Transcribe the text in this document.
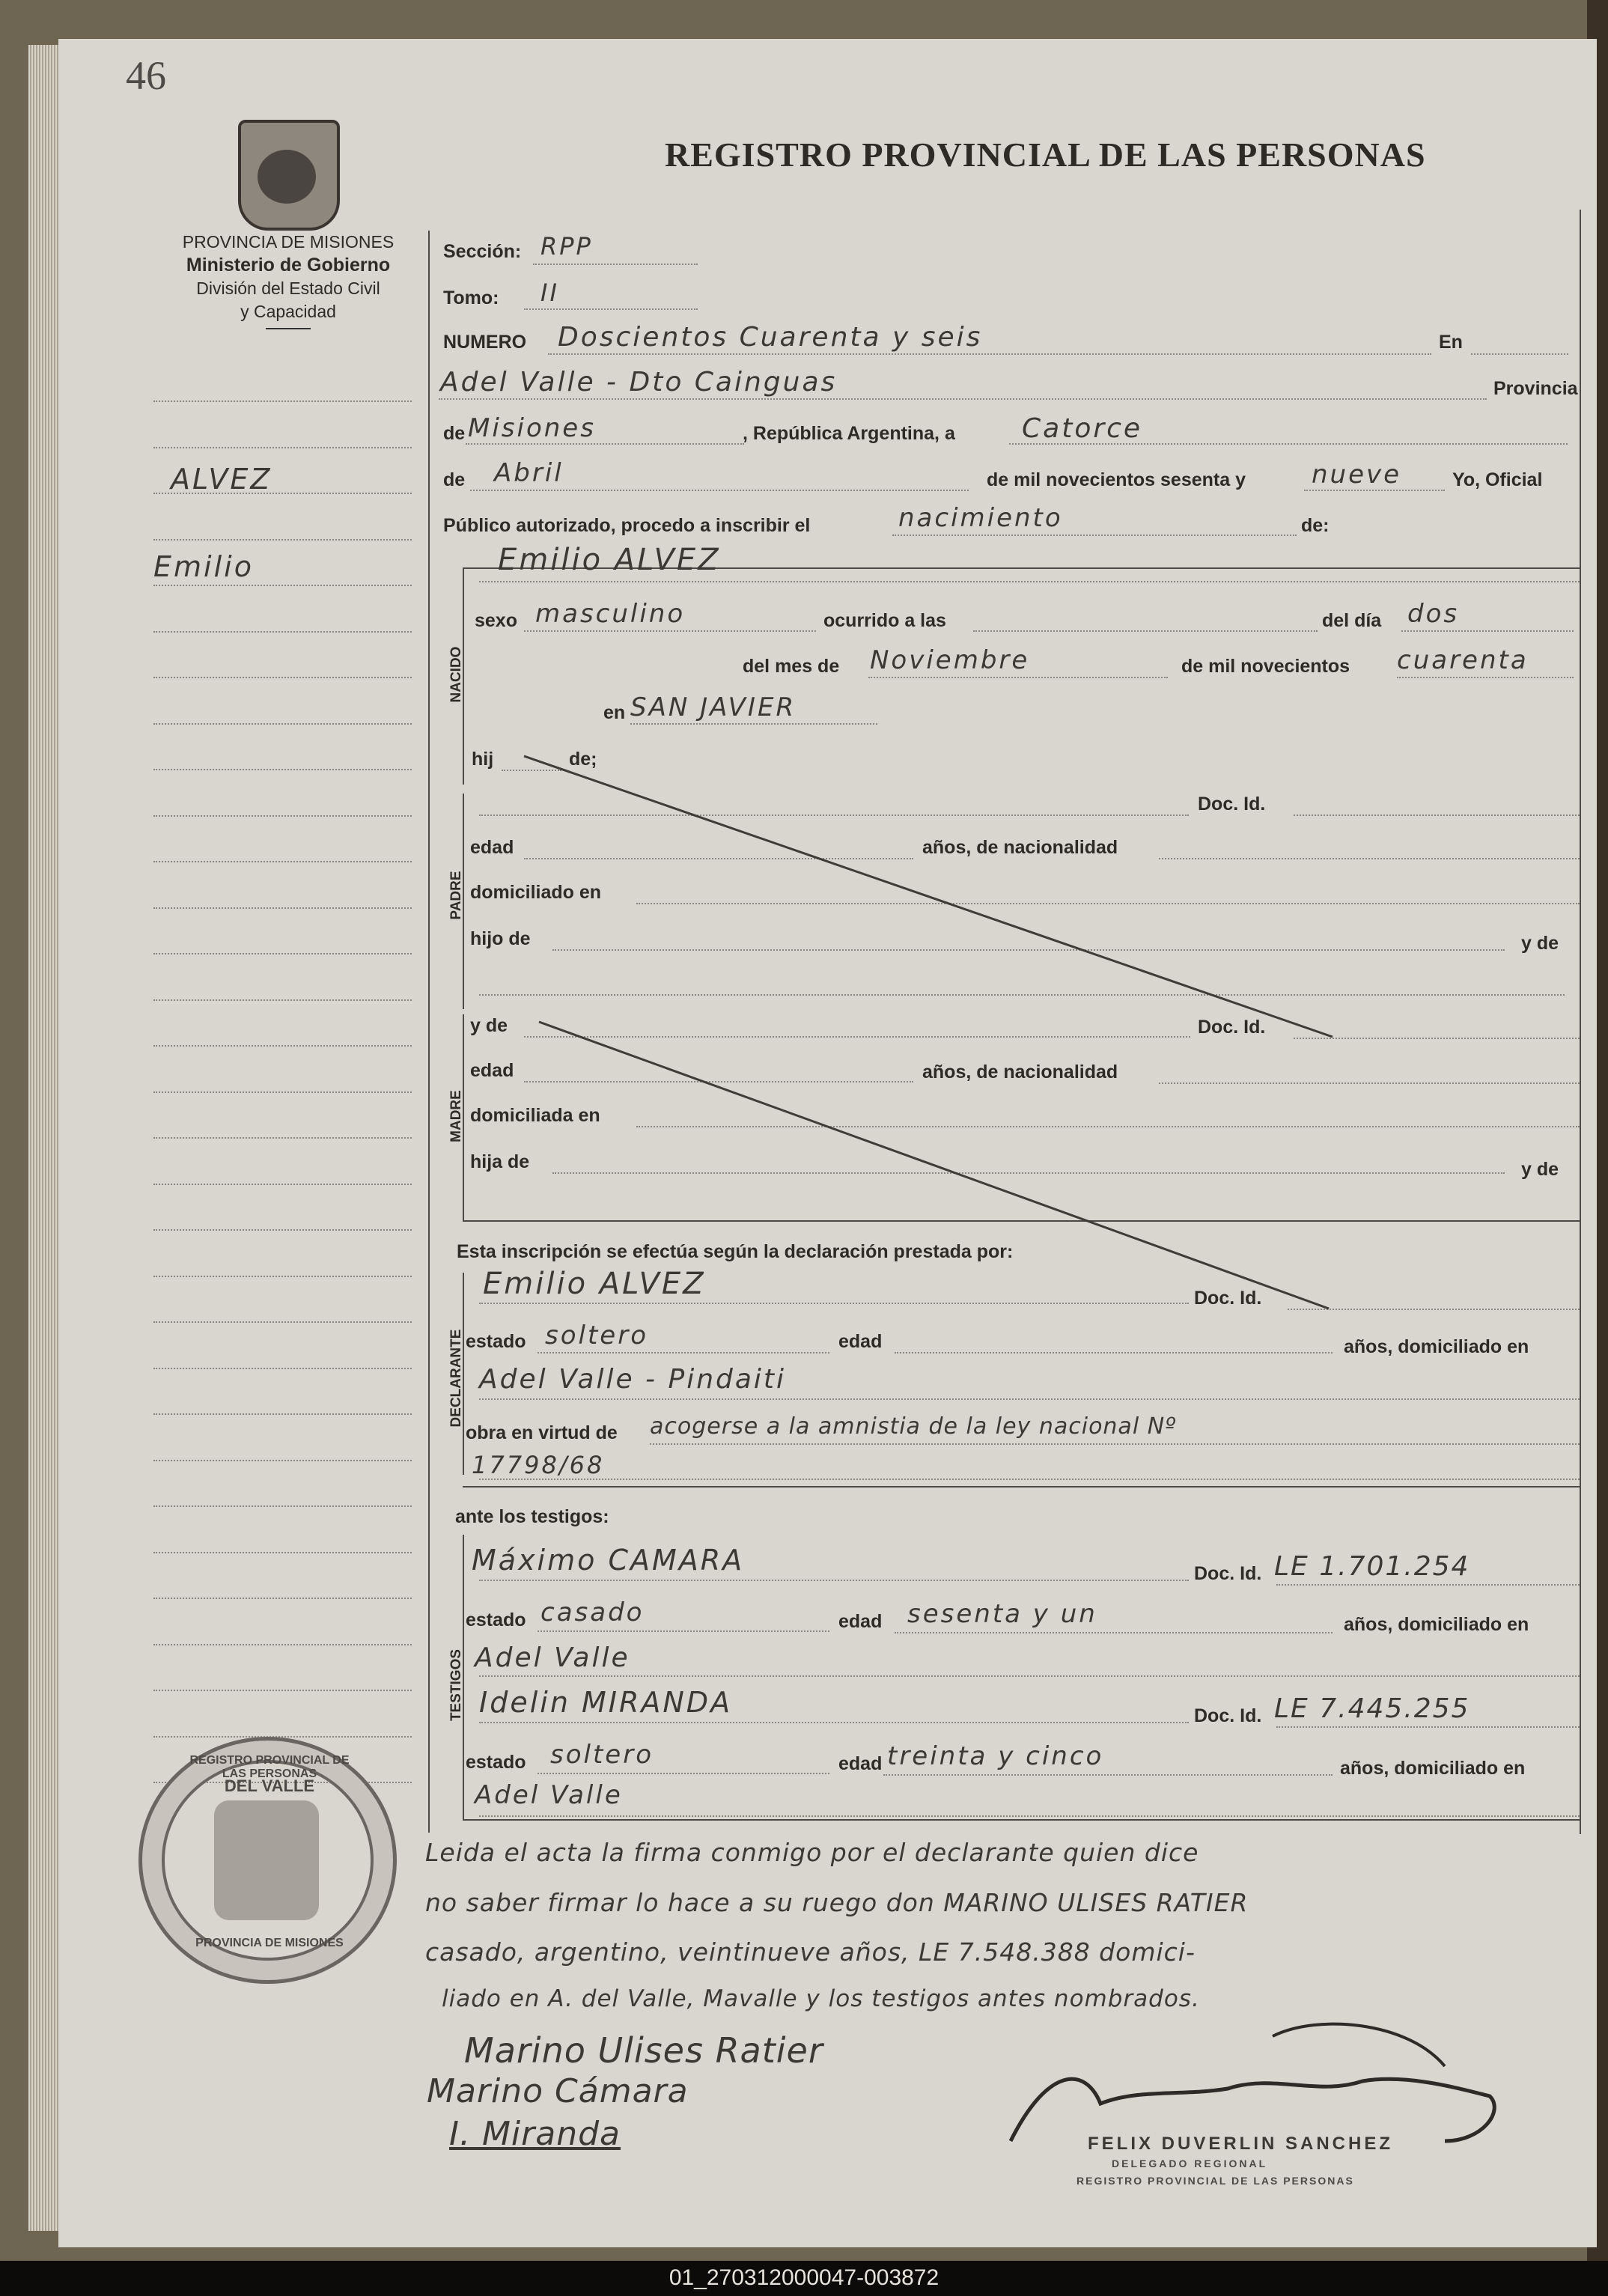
46
REGISTRO PROVINCIAL DE LAS PERSONAS
PROVINCIA DE MISIONES
Ministerio de Gobierno
División del Estado Civil
y Capacidad
ALVEZ
Emilio
NACIDO
PADRE
MADRE
DECLARANTE
TESTIGOS
Sección: RPP
Tomo: II
NUMERO Doscientos Cuarenta y seis	En
Adel Valle - Dto Cainguas	Provincia
de Misiones	, República Argentina, a Catorce
de Abril	de mil novecientos sesenta y	nueve	Yo, Oficial
Público autorizado, procedo a inscribir el	nacimiento	de:
Emilio ALVEZ
sexo masculino	ocurrido a las	del día dos
del mes de Noviembre	de mil novecientos cuarenta
en SAN JAVIER
hij	de;
Doc. Id.
edad	años, de nacionalidad
domiciliado en
hijo de	y de
y de	Doc. Id.
edad	años, de nacionalidad
domiciliada en
hija de	y de
Esta inscripción se efectúa según la declaración prestada por:
Emilio ALVEZ	Doc. Id.
estado soltero	edad	años, domiciliado en
Adel Valle - Pindaiti
obra en virtud de acogerse a la amnistia de la ley nacional Nº
17798/68
ante los testigos:
Máximo CAMARA	Doc. Id. LE 1.701.254
estado casado	edad sesenta y un	años, domiciliado en
Adel Valle
Idelin MIRANDA	Doc. Id. LE 7.445.255
estado soltero	edad treinta y cinco	años, domiciliado en
Adel Valle
Leida el acta la firma conmigo por el declarante quien dice
no saber firmar lo hace a su ruego don MARINO ULISES RATIER
casado, argentino, veintinueve años, LE 7.548.388 domici-
liado en A. del Valle, Mavalle y los testigos antes nombrados.
Marino Ulises Ratier
Marino Cámara
I. Miranda	FELIX DUVERLIN SANCHEZ
DELEGADO REGIONAL
REGISTRO PROVINCIAL DE LAS PERSONAS
REGISTRO PROVINCIAL DE LAS PERSONAS
DEL VALLE
PROVINCIA DE MISIONES
01_270312000047-003872
